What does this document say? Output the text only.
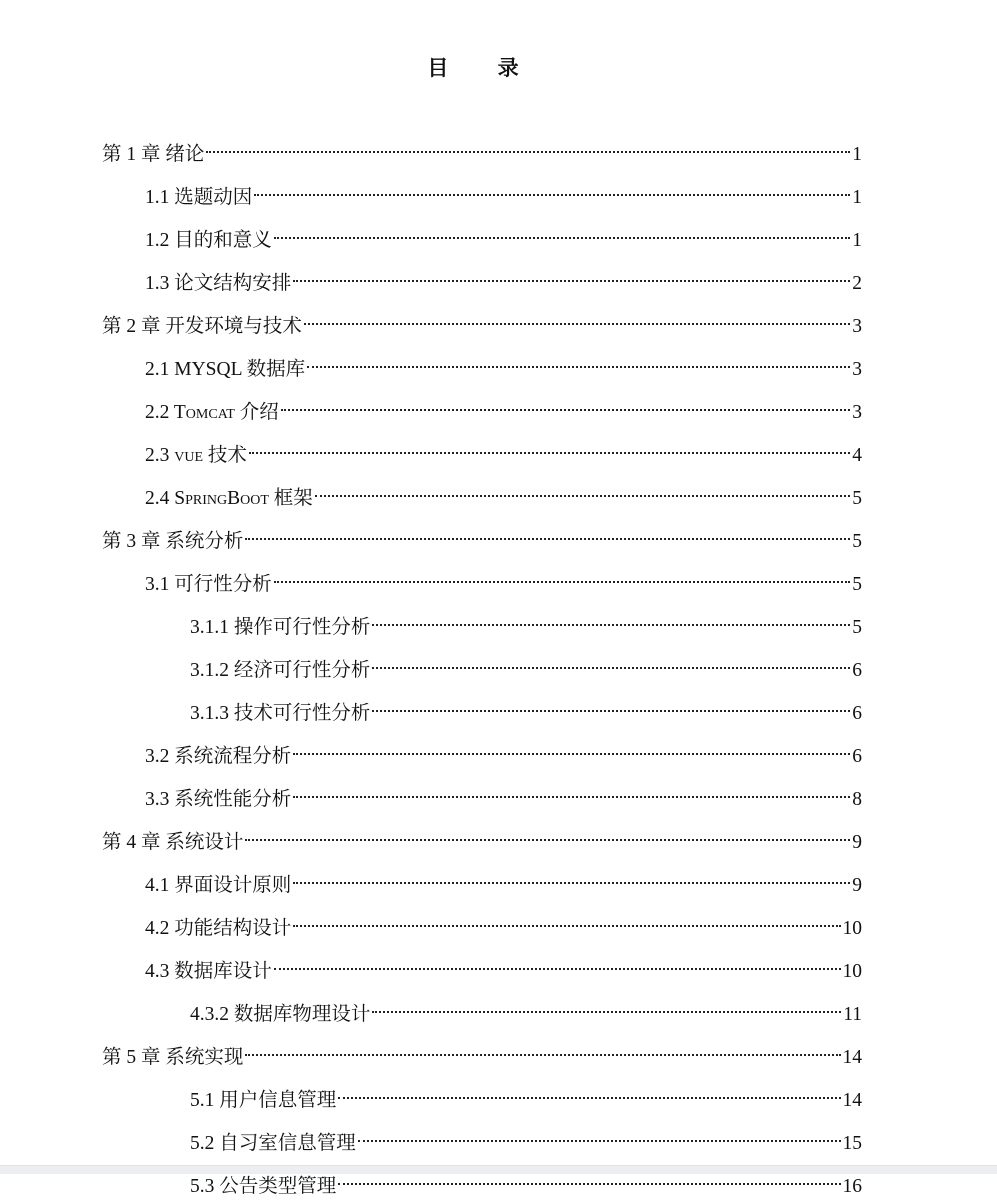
目 录
第 1 章 绪论	1
1.1 选题动因	1
1.2 目的和意义	1
1.3 论文结构安排	2
第 2 章 开发环境与技术	3
2.1 MYSQL 数据库	3
2.2 Tomcat 介绍	3
2.3 vue 技术	4
2.4 SpringBoot 框架	5
第 3 章 系统分析	5
3.1 可行性分析	5
3.1.1 操作可行性分析	5
3.1.2 经济可行性分析	6
3.1.3 技术可行性分析	6
3.2 系统流程分析	6
3.3 系统性能分析	8
第 4 章 系统设计	9
4.1 界面设计原则	9
4.2 功能结构设计	10
4.3 数据库设计	10
4.3.2 数据库物理设计	11
第 5 章 系统实现	14
5.1 用户信息管理	14
5.2 自习室信息管理	15
5.3 公告类型管理	16
